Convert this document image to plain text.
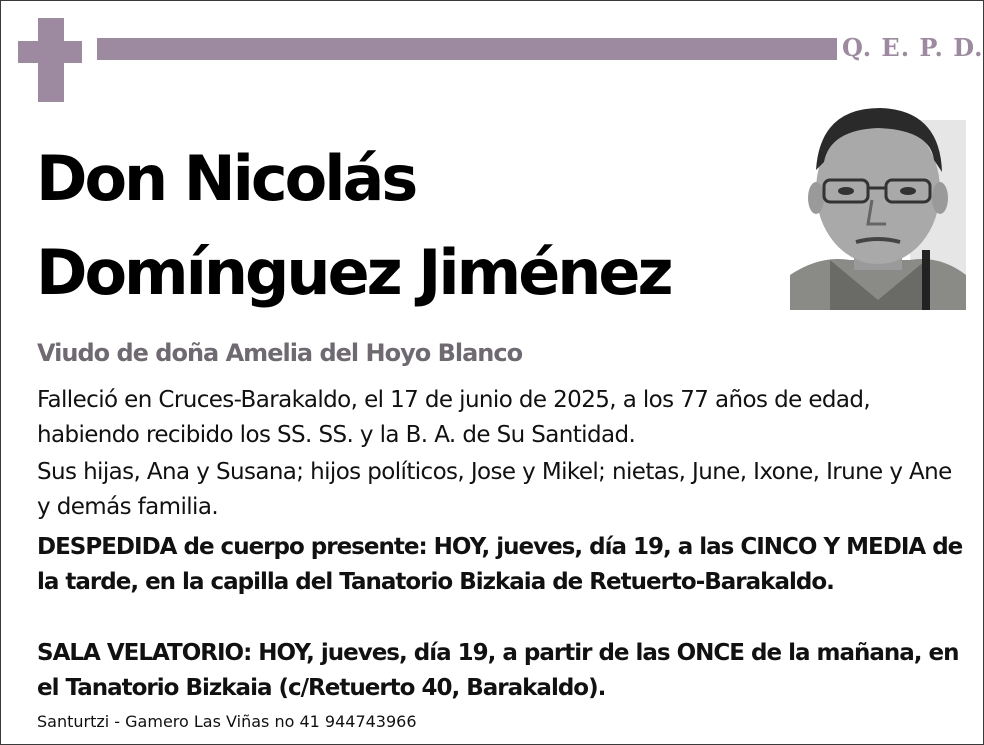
Q. E. P. D.
Don Nicolás
Domínguez Jiménez
Viudo de doña Amelia del Hoyo Blanco
Falleció en Cruces-Barakaldo, el 17 de junio de 2025, a los 77 años de edad, habiendo recibido los SS. SS. y la B. A. de Su Santidad.
Sus hijas, Ana y Susana; hijos políticos, Jose y Mikel; nietas, June, Ixone, Irune y Ane y demás familia.
DESPEDIDA de cuerpo presente: HOY, jueves, día 19, a las CINCO Y MEDIA de la tarde, en la capilla del Tanatorio Bizkaia de Retuerto-Barakaldo.
SALA VELATORIO: HOY, jueves, día 19, a partir de las ONCE de la mañana, en el Tanatorio Bizkaia (c/Retuerto 40, Barakaldo).
Santurtzi - Gamero Las Viñas no 41 944743966
